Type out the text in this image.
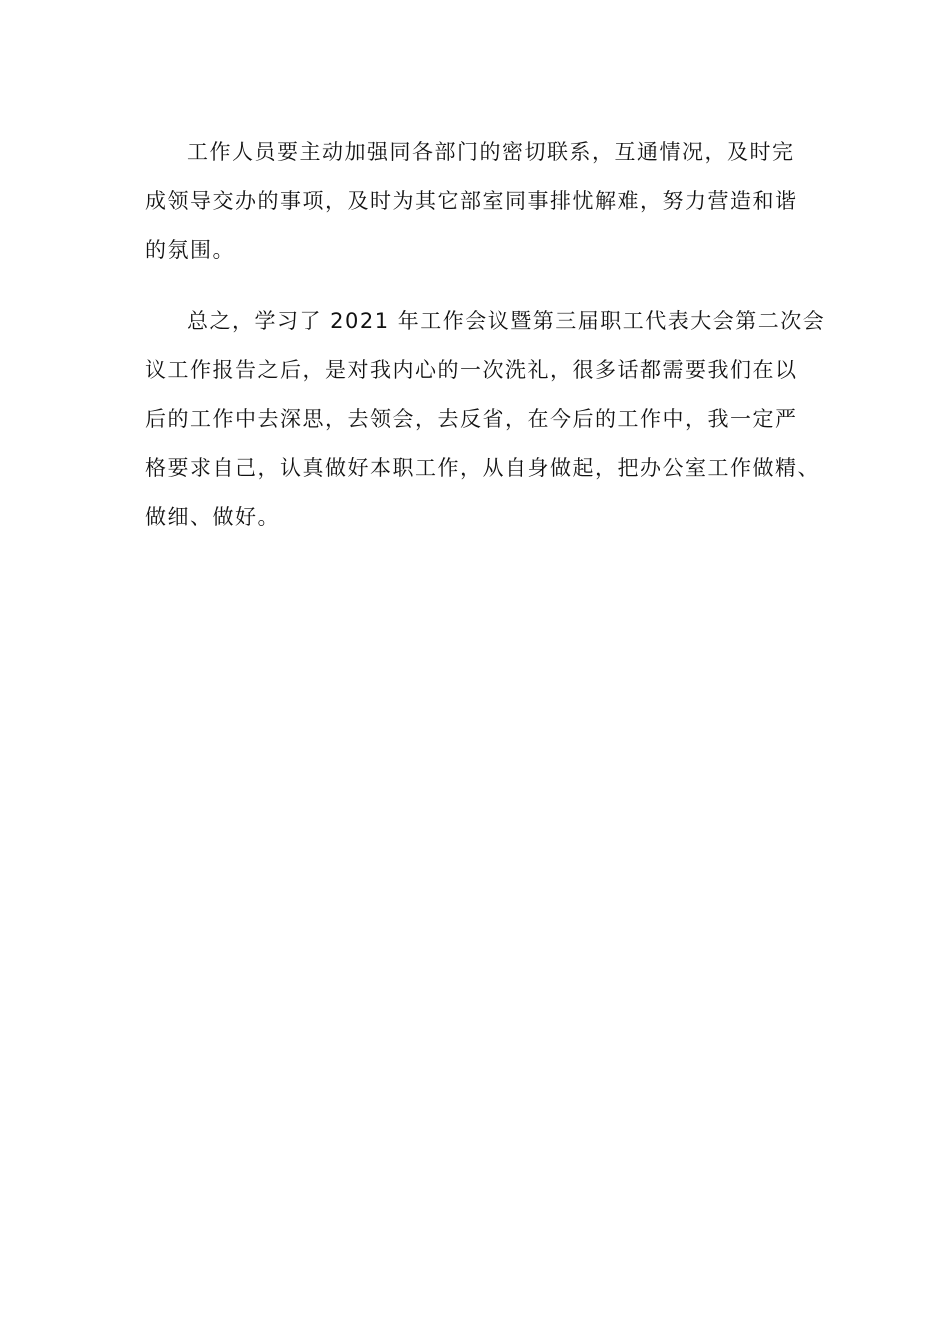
工作人员要主动加强同各部门的密切联系，互通情况，及时完
成领导交办的事项，及时为其它部室同事排忧解难，努力营造和谐
的氛围。
总之，学习了 2021 年工作会议暨第三届职工代表大会第二次会
议工作报告之后，是对我内心的一次洗礼，很多话都需要我们在以
后的工作中去深思，去领会，去反省，在今后的工作中，我一定严
格要求自己，认真做好本职工作，从自身做起，把办公室工作做精、
做细、做好。
